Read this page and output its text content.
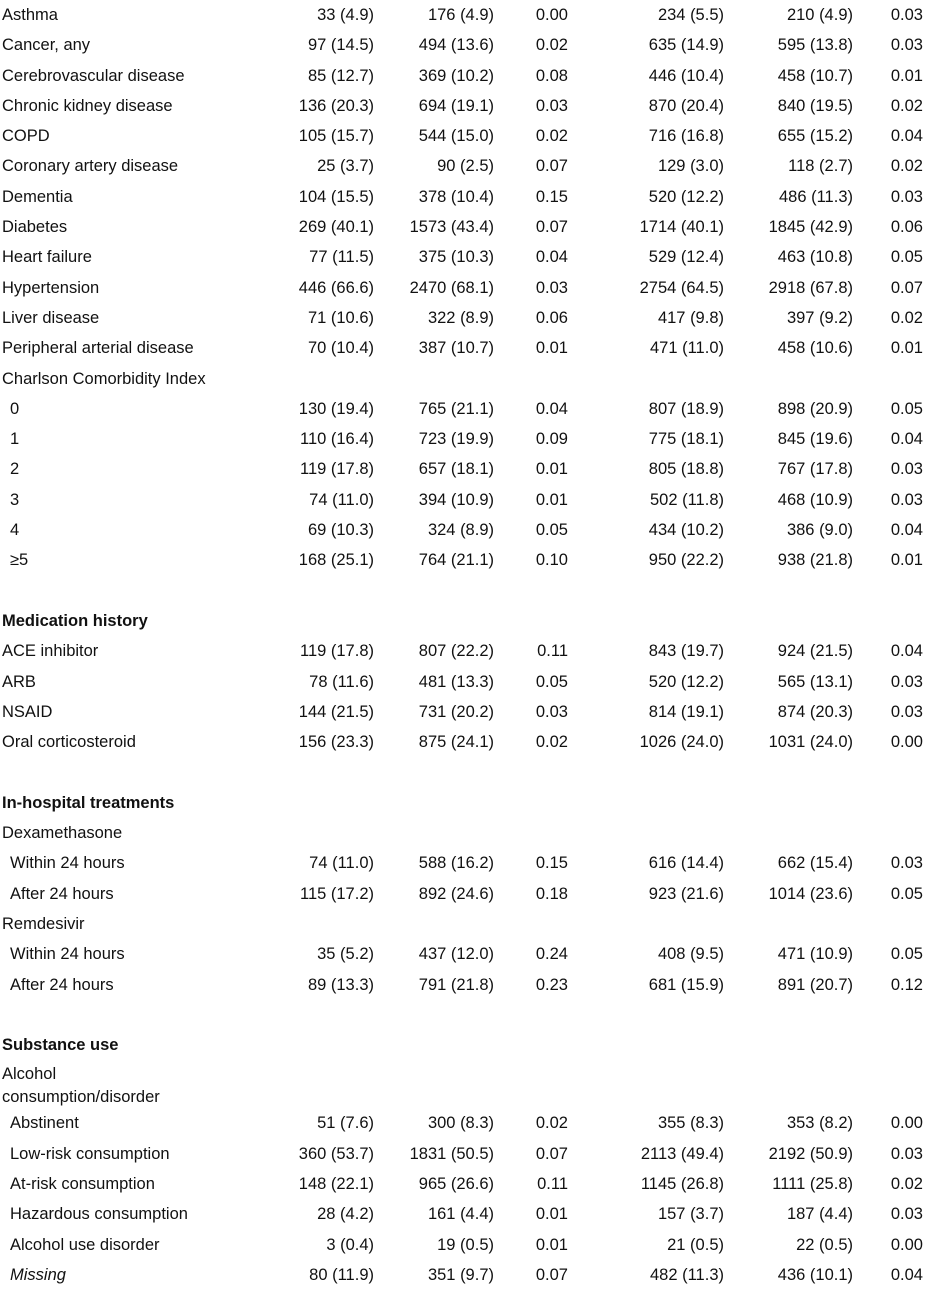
Asthma	33 (4.9)	176 (4.9)	0.00	234 (5.5)	210 (4.9) 0.03
Cancer, any	97 (14.5)	494 (13.6)	0.02	635 (14.9)	595 (13.8) 0.03
Cerebrovascular disease	85 (12.7)	369 (10.2)	0.08	446 (10.4)	458 (10.7) 0.01
Chronic kidney disease	136 (20.3)	694 (19.1)	0.03	870 (20.4)	840 (19.5) 0.02
COPD	105 (15.7)	544 (15.0)	0.02	716 (16.8)	655 (15.2) 0.04
Coronary artery disease	25 (3.7)	90 (2.5)	0.07	129 (3.0)	118 (2.7) 0.02
Dementia	104 (15.5)	378 (10.4)	0.15	520 (12.2)	486 (11.3) 0.03
Diabetes	269 (40.1) 1573 (43.4)	0.07	1714 (40.1)	1845 (42.9) 0.06
Heart failure	77 (11.5)	375 (10.3)	0.04	529 (12.4)	463 (10.8) 0.05
Hypertension	446 (66.6) 2470 (68.1)	0.03	2754 (64.5)	2918 (67.8) 0.07
Liver disease	71 (10.6)	322 (8.9)	0.06	417 (9.8)	397 (9.2) 0.02
Peripheral arterial disease	70 (10.4)	387 (10.7)	0.01	471 (11.0)	458 (10.6) 0.01
Charlson Comorbidity Index
0	130 (19.4)	765 (21.1)	0.04	807 (18.9)	898 (20.9) 0.05
1	110 (16.4)	723 (19.9)	0.09	775 (18.1)	845 (19.6) 0.04
2	119 (17.8)	657 (18.1)	0.01	805 (18.8)	767 (17.8) 0.03
3	74 (11.0)	394 (10.9)	0.01	502 (11.8)	468 (10.9) 0.03
4	69 (10.3)	324 (8.9)	0.05	434 (10.2)	386 (9.0) 0.04
≥5	168 (25.1)	764 (21.1)	0.10	950 (22.2)	938 (21.8) 0.01
Medication history
ACE inhibitor	119 (17.8)	807 (22.2)	0.11	843 (19.7)	924 (21.5) 0.04
ARB	78 (11.6)	481 (13.3)	0.05	520 (12.2)	565 (13.1) 0.03
NSAID	144 (21.5)	731 (20.2)	0.03	814 (19.1)	874 (20.3) 0.03
Oral corticosteroid	156 (23.3)	875 (24.1)	0.02	1026 (24.0)	1031 (24.0) 0.00
In-hospital treatments
Dexamethasone
Within 24 hours	74 (11.0)	588 (16.2)	0.15	616 (14.4)	662 (15.4) 0.03
After 24 hours	115 (17.2)	892 (24.6)	0.18	923 (21.6)	1014 (23.6) 0.05
Remdesivir
Within 24 hours	35 (5.2)	437 (12.0)	0.24	408 (9.5)	471 (10.9) 0.05
After 24 hours	89 (13.3)	791 (21.8)	0.23	681 (15.9)	891 (20.7) 0.12
Substance use
Alcohol consumption/disorder
Abstinent	51 (7.6)	300 (8.3)	0.02	355 (8.3)	353 (8.2) 0.00
Low-risk consumption	360 (53.7) 1831 (50.5)	0.07	2113 (49.4)	2192 (50.9) 0.03
At-risk consumption	148 (22.1)	965 (26.6)	0.11	1145 (26.8)	1111 (25.8) 0.02
Hazardous consumption	28 (4.2)	161 (4.4)	0.01	157 (3.7)	187 (4.4) 0.03
Alcohol use disorder	3 (0.4)	19 (0.5)	0.01	21 (0.5)	22 (0.5) 0.00
Missing	80 (11.9)	351 (9.7)	0.07	482 (11.3)	436 (10.1) 0.04
